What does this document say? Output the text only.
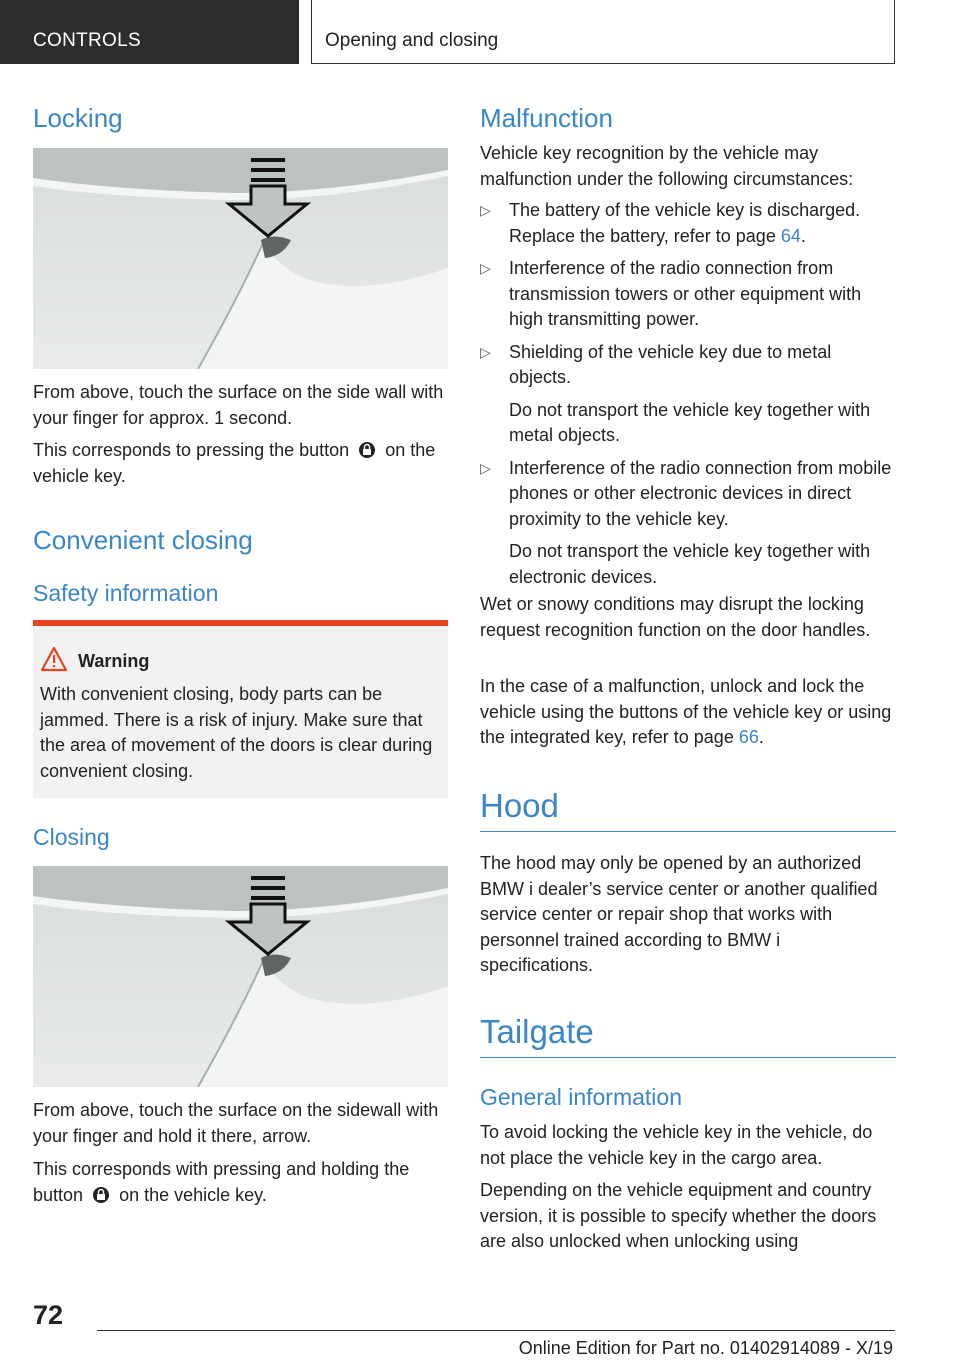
CONTROLS	Opening and closing
Locking

From above, touch the surface on the side wall with your finger for approx. 1 second.

This corresponds to pressing the button on the vehicle key.

Convenient closing
Safety information
Warning
With convenient closing, body parts can be jammed. There is a risk of injury. Make sure that the area of movement of the doors is clear during convenient closing.
Closing

From above, touch the surface on the sidewall with your finger and hold it there, arrow.

This corresponds with pressing and holding the button on the vehicle key.

Malfunction

Vehicle key recognition by the vehicle may malfunction under the following circumstances:

▷ The battery of the vehicle key is discharged. Replace the battery, refer to page 64.

▷ Interference of the radio connection from transmission towers or other equipment with high transmitting power.

▷ Shielding of the vehicle key due to metal objects.

Do not transport the vehicle key together with metal objects.

▷ Interference of the radio connection from mobile phones or other electronic devices in direct proximity to the vehicle key.

Do not transport the vehicle key together with electronic devices.

Wet or snowy conditions may disrupt the locking request recognition function on the door handles.

In the case of a malfunction, unlock and lock the vehicle using the buttons of the vehicle key or using the integrated key, refer to page 66.

Hood

The hood may only be opened by an authorized BMW i dealer’s service center or another qualified service center or repair shop that works with personnel trained according to BMW i specifications.

Tailgate
General information

To avoid locking the vehicle key in the vehicle, do not place the vehicle key in the cargo area.

Depending on the vehicle equipment and country version, it is possible to specify whether the doors are also unlocked when unlocking using

72
Online Edition for Part no. 01402914089 - X/19
